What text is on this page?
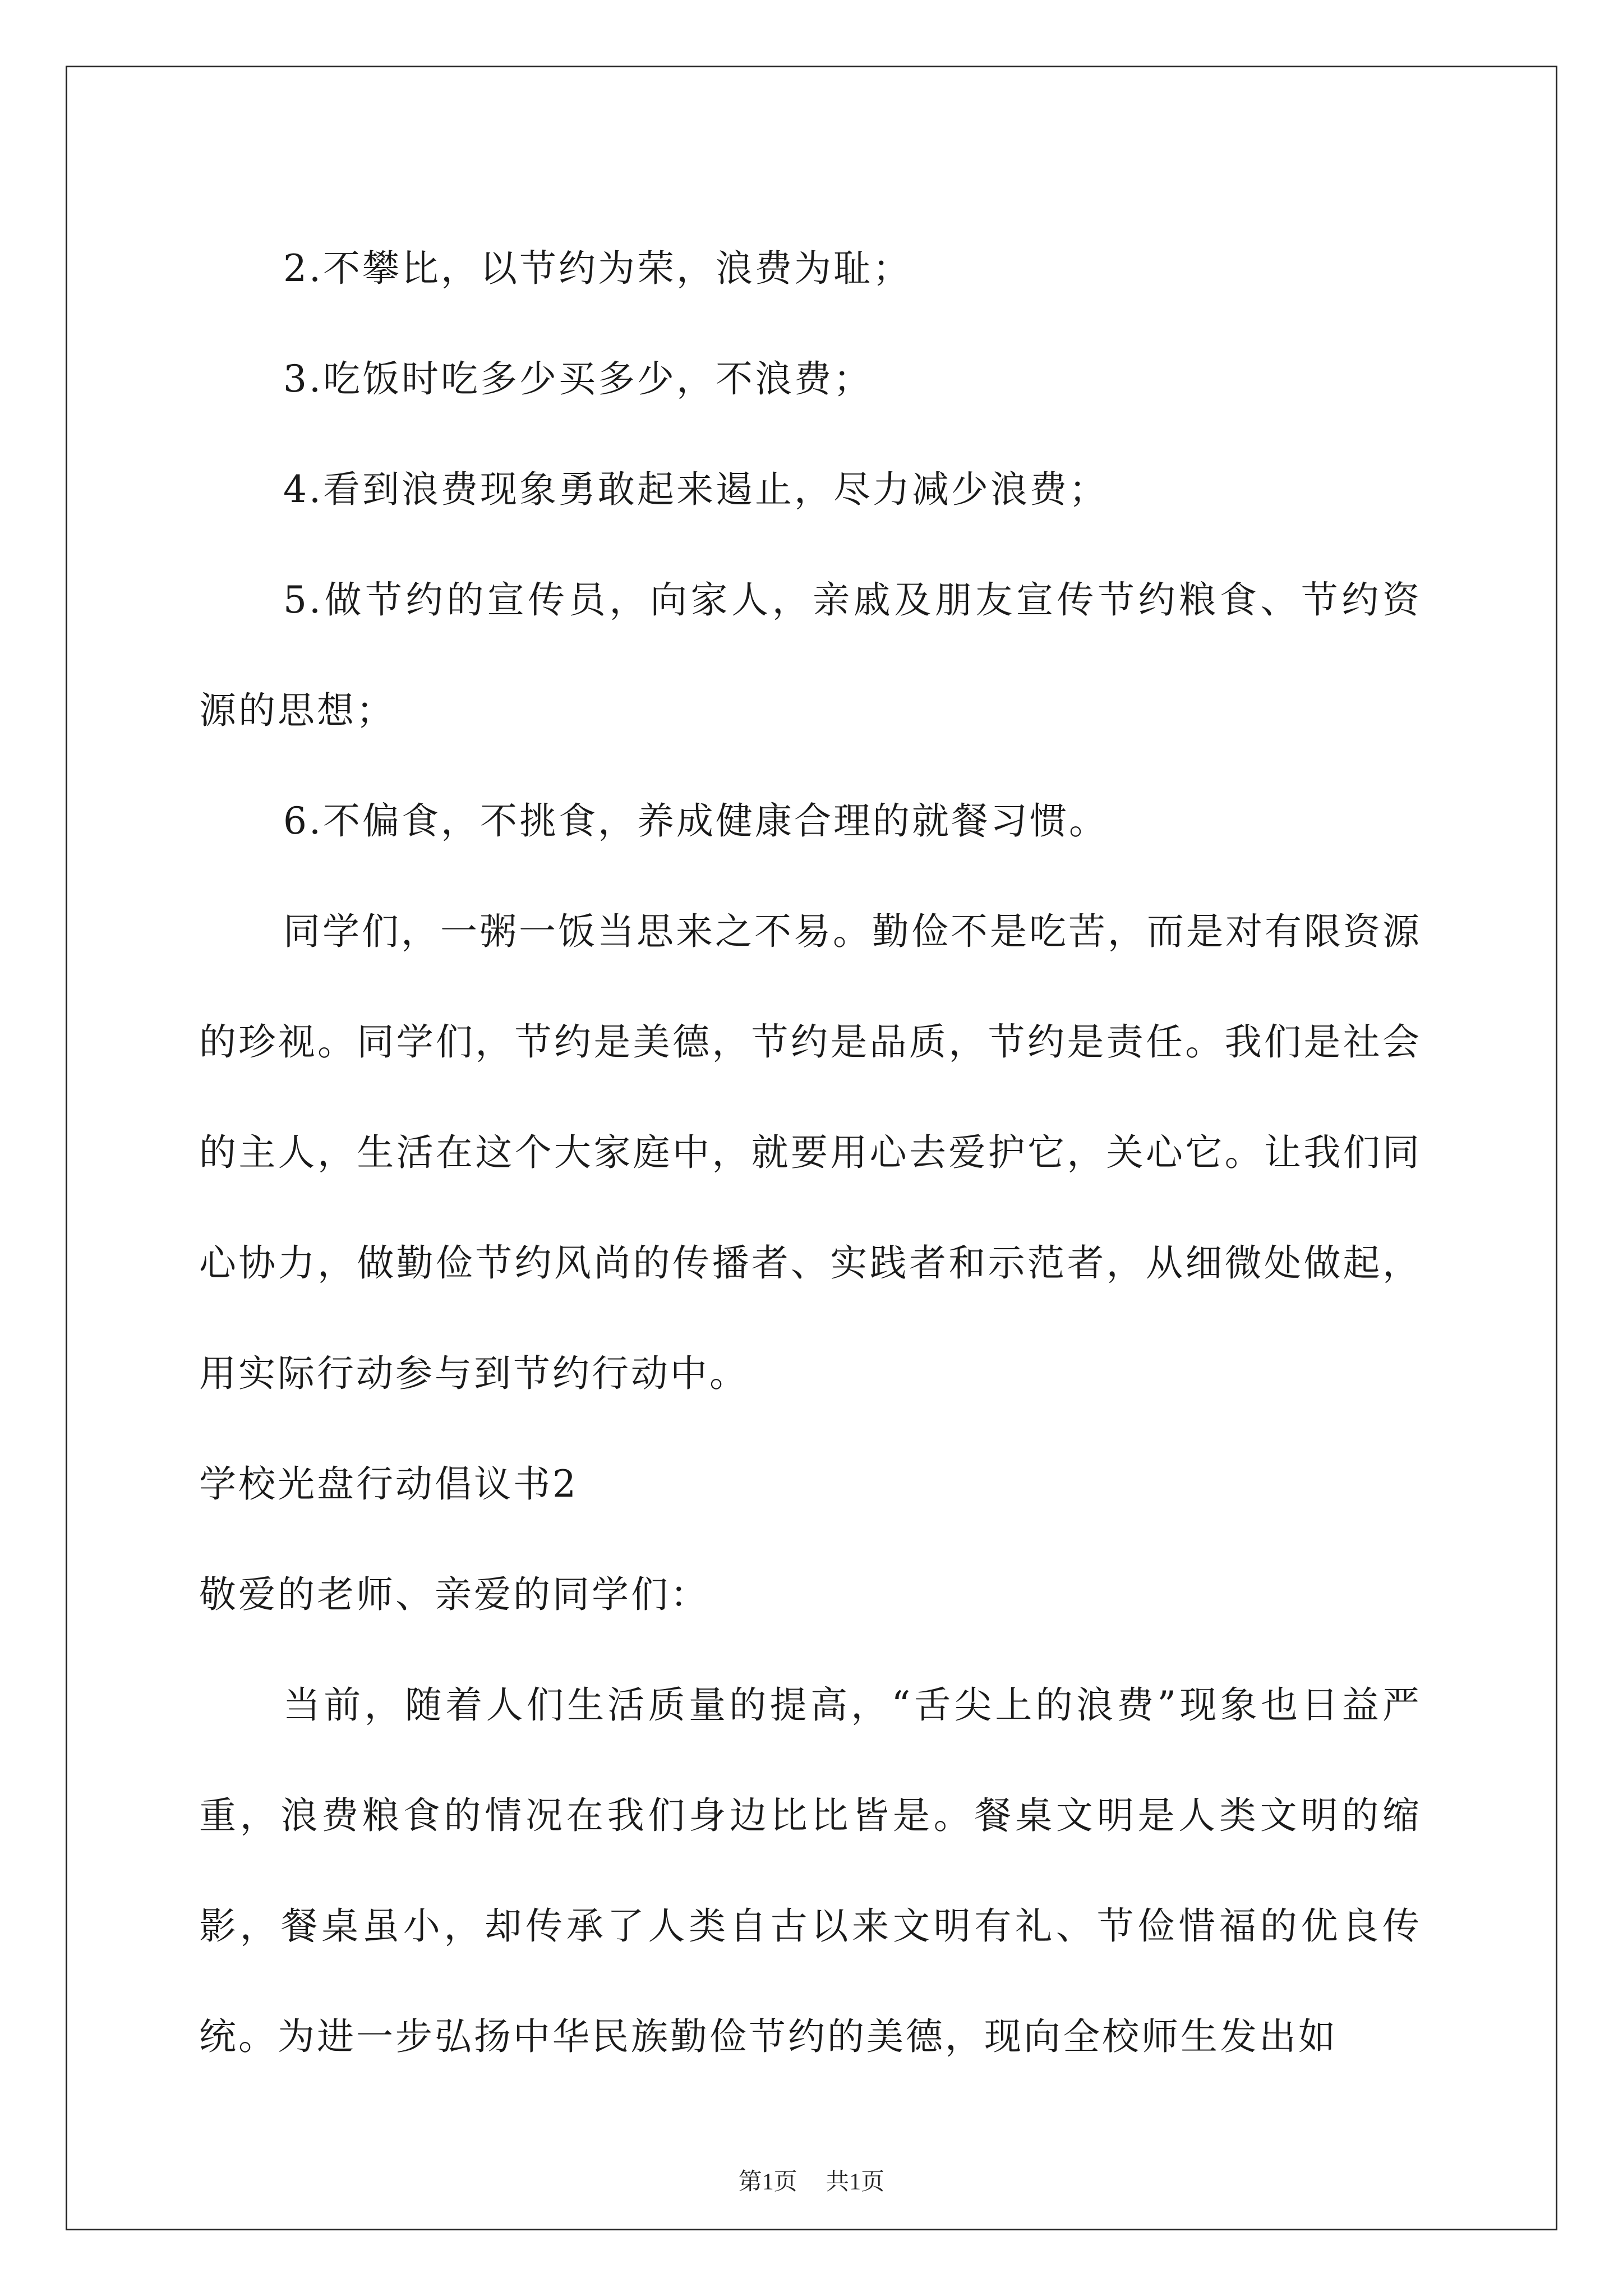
2.不攀比，以节约为荣，浪费为耻；

3.吃饭时吃多少买多少，不浪费；

4.看到浪费现象勇敢起来遏止，尽力减少浪费；

5.做节约的宣传员，向家人，亲戚及朋友宣传节约粮食、节约资源的思想；

6.不偏食，不挑食，养成健康合理的就餐习惯。

同学们，一粥一饭当思来之不易。勤俭不是吃苦，而是对有限资源的珍视。同学们，节约是美德，节约是品质，节约是责任。我们是社会的主人，生活在这个大家庭中，就要用心去爱护它，关心它。让我们同心协力，做勤俭节约风尚的传播者、实践者和示范者，从细微处做起，用实际行动参与到节约行动中。

学校光盘行动倡议书2

敬爱的老师、亲爱的同学们：

当前，随着人们生活质量的提高，“舌尖上的浪费”现象也日益严重，浪费粮食的情况在我们身边比比皆是。餐桌文明是人类文明的缩影，餐桌虽小，却传承了人类自古以来文明有礼、节俭惜福的优良传统。为进一步弘扬中华民族勤俭节约的美德，现向全校师生发出如

第1页 共1页
